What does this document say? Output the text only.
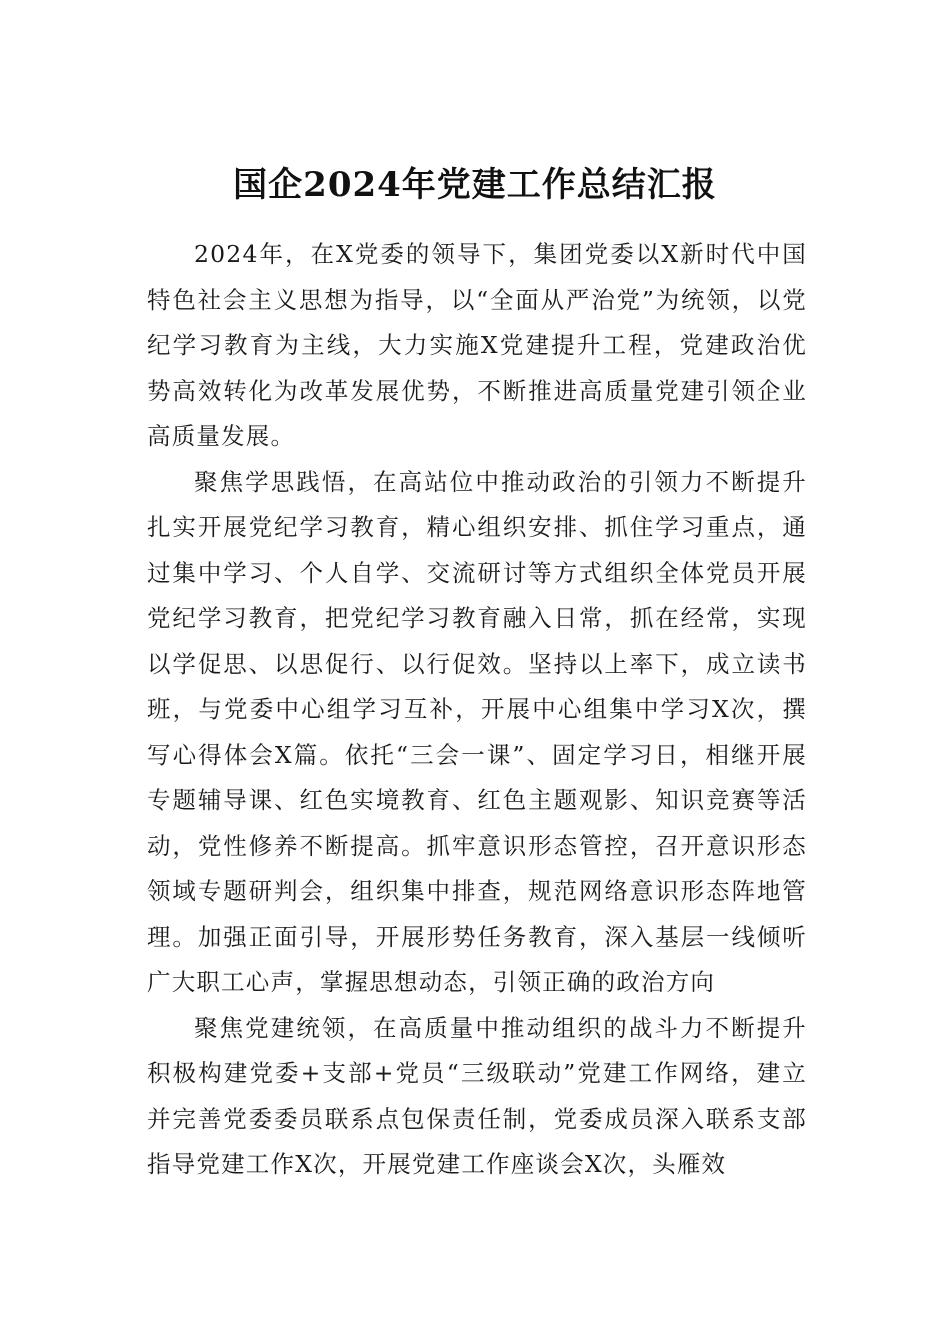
国企2024年党建工作总结汇报

2024年，在X党委的领导下，集团党委以X新时代中国特色社会主义思想为指导，以“全面从严治党”为统领，以党纪学习教育为主线，大力实施X党建提升工程，党建政治优势高效转化为改革发展优势，不断推进高质量党建引领企业高质量发展。

聚焦学思践悟，在高站位中推动政治的引领力不断提升扎实开展党纪学习教育，精心组织安排、抓住学习重点，通过集中学习、个人自学、交流研讨等方式组织全体党员开展党纪学习教育，把党纪学习教育融入日常，抓在经常，实现以学促思、以思促行、以行促效。坚持以上率下，成立读书班，与党委中心组学习互补，开展中心组集中学习X次，撰写心得体会X篇。依托“三会一课”、固定学习日，相继开展专题辅导课、红色实境教育、红色主题观影、知识竞赛等活动，党性修养不断提高。抓牢意识形态管控，召开意识形态领域专题研判会，组织集中排查，规范网络意识形态阵地管理。加强正面引导，开展形势任务教育，深入基层一线倾听广大职工心声，掌握思想动态，引领正确的政治方向

聚焦党建统领，在高质量中推动组织的战斗力不断提升积极构建党委+支部+党员“三级联动”党建工作网络，建立并完善党委委员联系点包保责任制，党委成员深入联系支部指导党建工作X次，开展党建工作座谈会X次，头雁效
